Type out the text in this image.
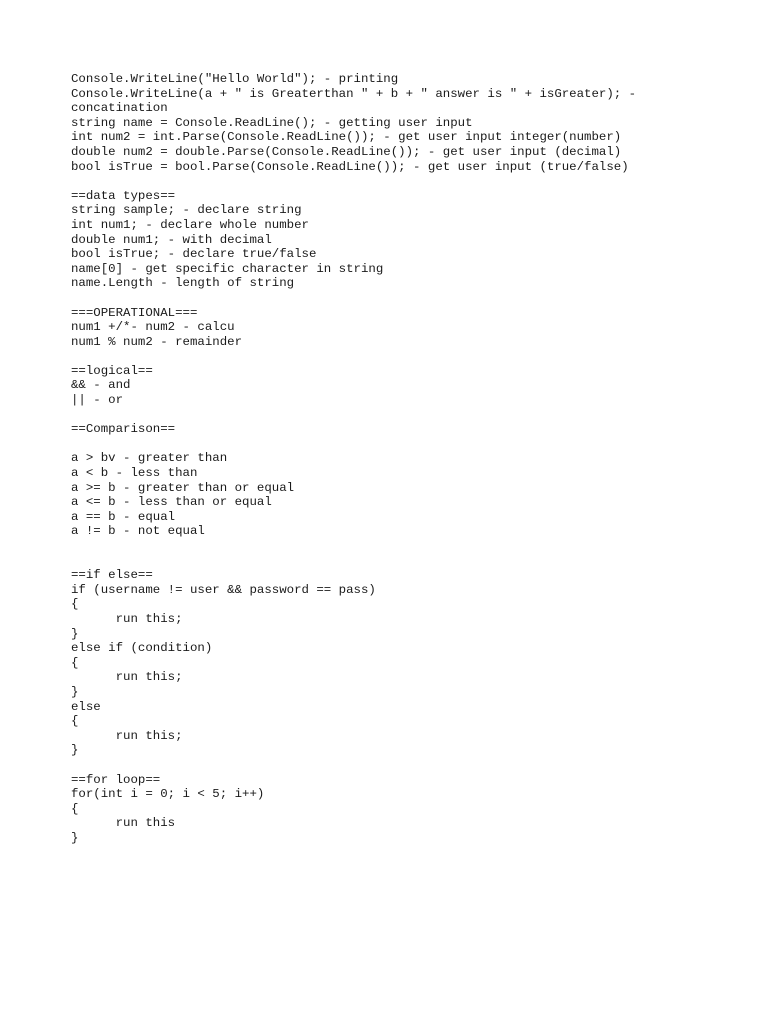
Console.WriteLine("Hello World"); - printing
Console.WriteLine(a + " is Greaterthan " + b + " answer is " + isGreater); -
concatination
string name = Console.ReadLine(); - getting user input
int num2 = int.Parse(Console.ReadLine()); - get user input integer(number)
double num2 = double.Parse(Console.ReadLine()); - get user input (decimal)
bool isTrue = bool.Parse(Console.ReadLine()); - get user input (true/false)
==data types==
string sample; - declare string
int num1; - declare whole number
double num1; - with decimal
bool isTrue; - declare true/false
name[0] - get specific character in string
name.Length - length of string
===OPERATIONAL===
num1 +/*- num2 - calcu
num1 % num2 - remainder
==logical==
&& - and
|| - or
==Comparison==
a > bv - greater than
a < b - less than
a >= b - greater than or equal
a <= b - less than or equal
a == b - equal
a != b - not equal
==if else==
if (username != user && password == pass)
{
run this;
}
else if (condition)
{
run this;
}
else
{
run this;
}
==for loop==
for(int i = 0; i < 5; i++)
{
run this
}
